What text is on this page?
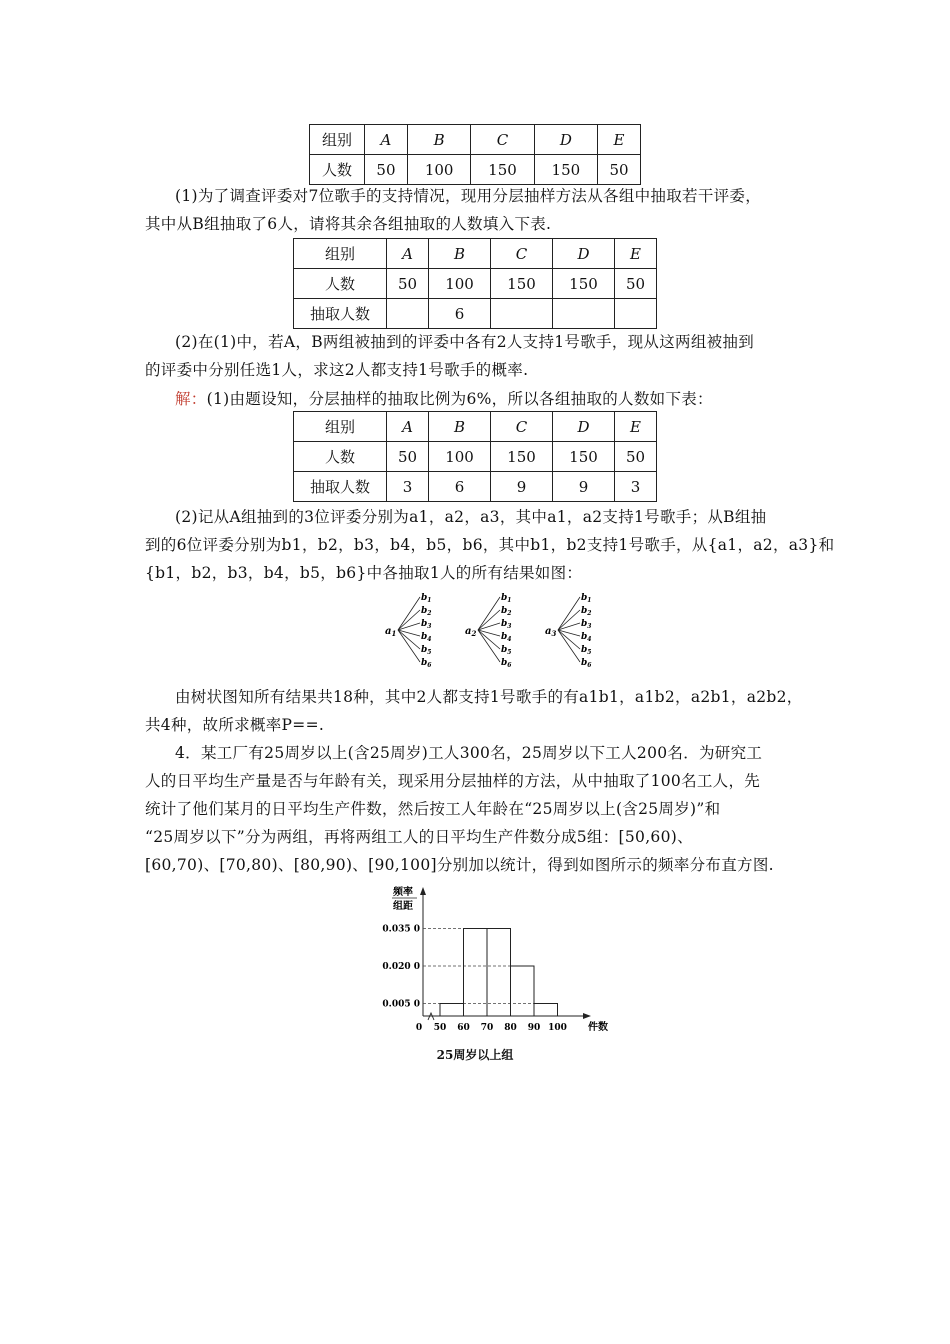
组别	A	B	C	D	E
人数	50	100	150	150	50
(1)为了调查评委对7位歌手的支持情况，现用分层抽样方法从各组中抽取若干评委，
其中从B组抽取了6人，请将其余各组抽取的人数填入下表.
组别	A	B	C	D	E
人数	50	100	150	150	50
抽取人数		6			
(2)在(1)中，若A，B两组被抽到的评委中各有2人支持1号歌手，现从这两组被抽到
的评委中分别任选1人，求这2人都支持1号歌手的概率.
解：(1)由题设知，分层抽样的抽取比例为6%，所以各组抽取的人数如下表：
组别	A	B	C	D	E
人数	50	100	150	150	50
抽取人数	3	6	9	9	3
(2)记从A组抽到的3位评委分别为a1，a2，a3，其中a1，a2支持1号歌手；从B组抽
到的6位评委分别为b1，b2，b3，b4，b5，b6，其中b1，b2支持1号歌手，从{a1，a2，a3}和
{b1，b2，b3，b4，b5，b6}中各抽取1人的所有结果如图：
$a_1$
$b_1$
$b_2$
$b_3$
$b_4$
$b_5$
$b_6$
$a_2$
$b_1$
$b_2$
$b_3$
$b_4$
$b_5$
$b_6$
$a_3$
$b_1$
$b_2$
$b_3$
$b_4$
$b_5$
$b_6$
由树状图知所有结果共18种，其中2人都支持1号歌手的有a1b1，a1b2，a2b1，a2b2，
共4种，故所求概率P==.
4．某工厂有25周岁以上(含25周岁)工人300名，25周岁以下工人200名．为研究工
人的日平均生产量是否与年龄有关，现采用分层抽样的方法，从中抽取了100名工人，先
统计了他们某月的日平均生产件数，然后按工人年龄在“25周岁以上(含25周岁)”和
“25周岁以下”分为两组，再将两组工人的日平均生产件数分成5组：[50,60)、
[60,70)、[70,80)、[80,90)、[90,100]分别加以统计，得到如图所示的频率分布直方图.
频率
组距
0.005 0
0.020 0
0.035 0
0 50 60 70 80 90 100 件数
25周岁以上组
